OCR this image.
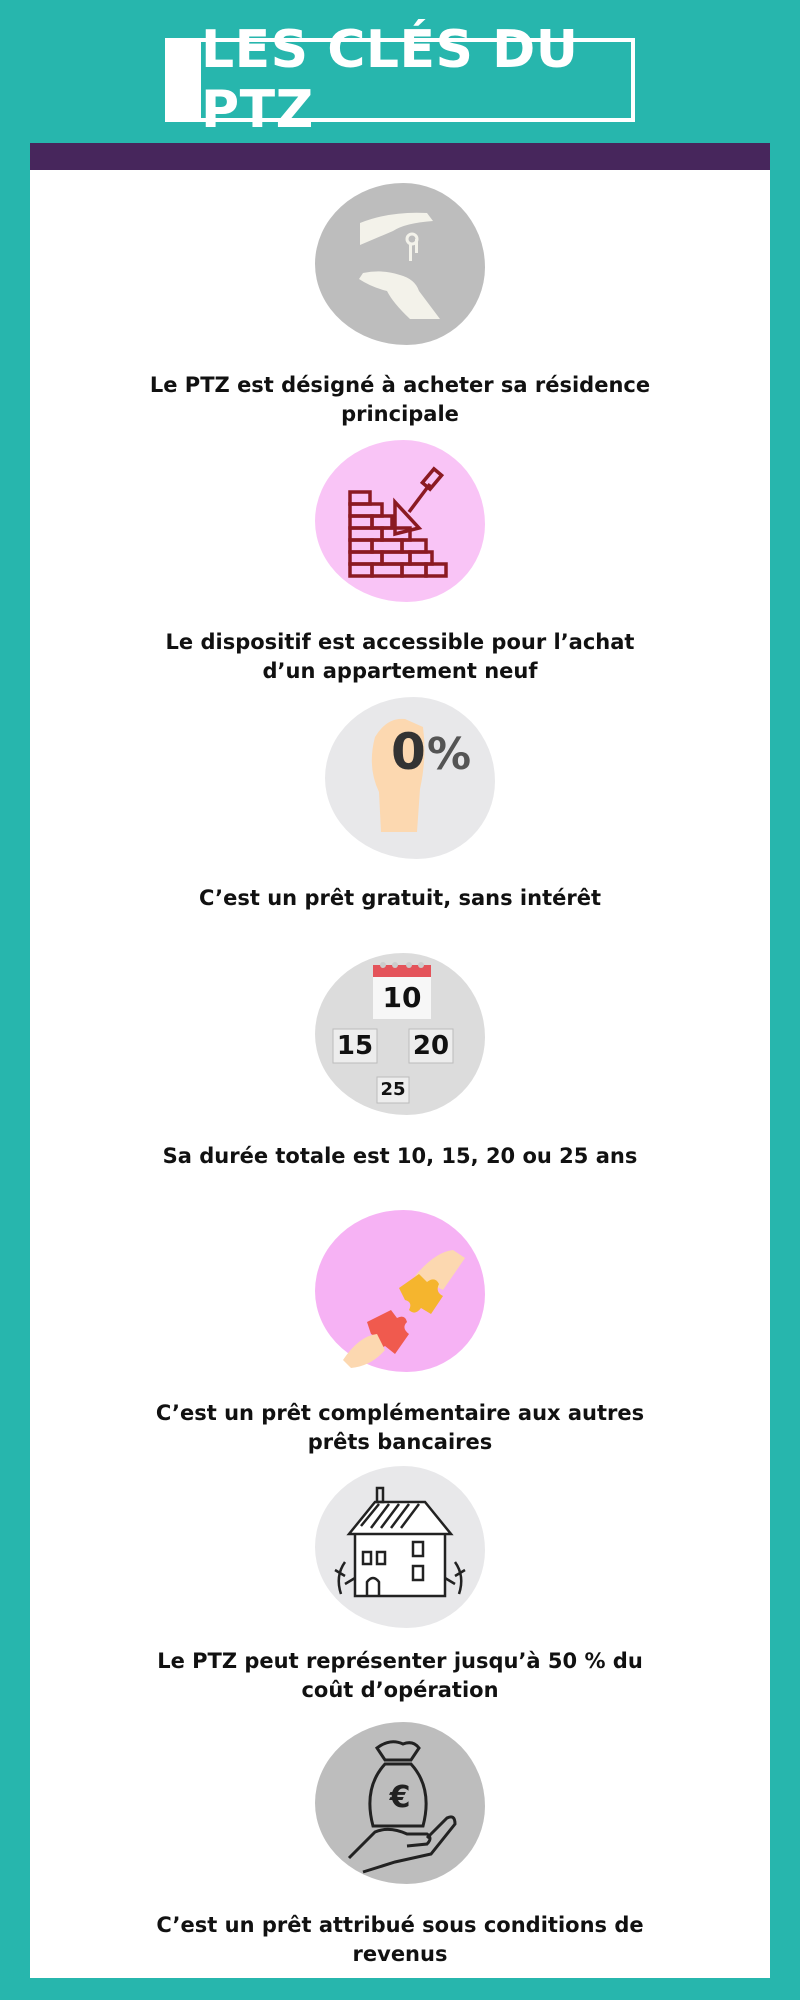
LES CLÉS DU PTZ
Le PTZ est désigné à acheter sa résidence principale
Le dispositif est accessible pour l’achat d’un appartement neuf
0 %
C’est un prêt gratuit, sans intérêt
10
15 20
25
Sa durée totale est 10, 15, 20 ou 25 ans
C’est un prêt complémentaire aux autres prêts bancaires
Le PTZ peut représenter jusqu’à 50 % du coût d’opération
€
C’est un prêt attribué sous conditions de revenus
